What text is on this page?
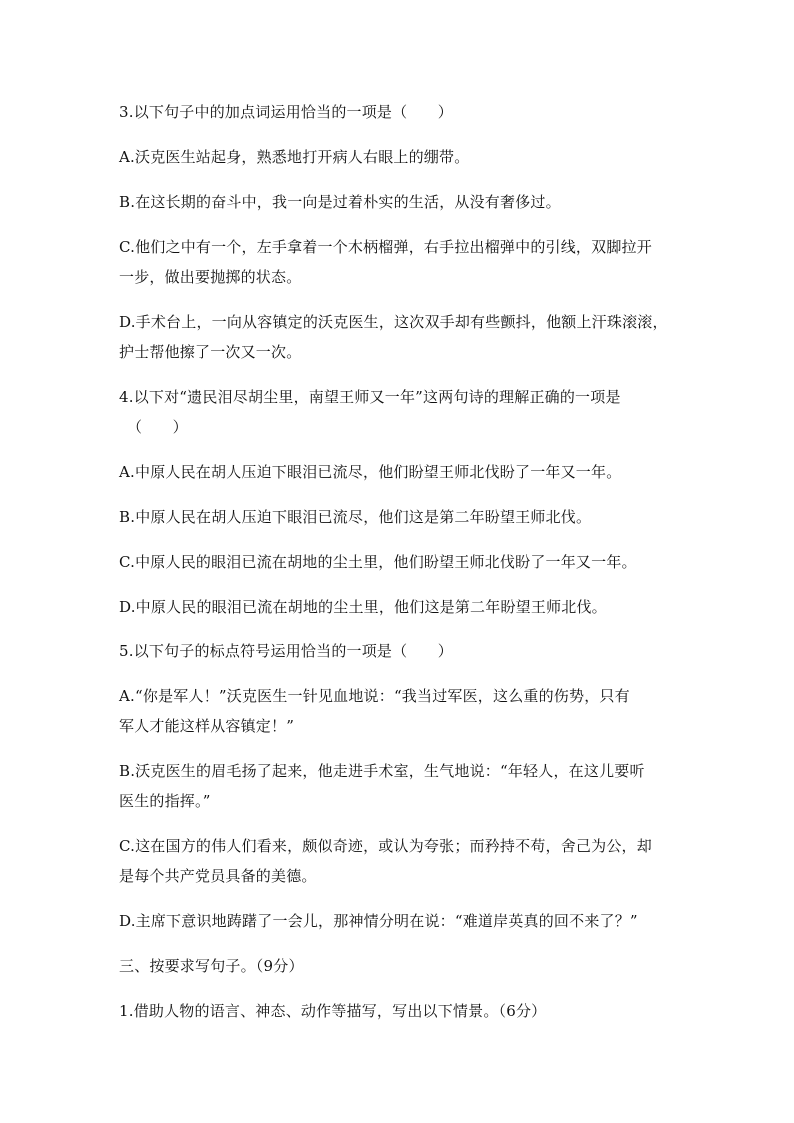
3.以下句子中的加点词运用恰当的一项是（　　）
A.沃克医生站起身，熟悉地打开病人右眼上的绷带。
B.在这长期的奋斗中，我一向是过着朴实的生活，从没有奢侈过。
C.他们之中有一个，左手拿着一个木柄榴弹，右手拉出榴弹中的引线，双脚拉开
一步，做出要抛掷的状态。
D.手术台上，一向从容镇定的沃克医生，这次双手却有些颤抖，他额上汗珠滚滚，
护士帮他擦了一次又一次。
4.以下对“遗民泪尽胡尘里，南望王师又一年”这两句诗的理解正确的一项是
（　　）
A.中原人民在胡人压迫下眼泪已流尽，他们盼望王师北伐盼了一年又一年。
B.中原人民在胡人压迫下眼泪已流尽，他们这是第二年盼望王师北伐。
C.中原人民的眼泪已流在胡地的尘土里，他们盼望王师北伐盼了一年又一年。
D.中原人民的眼泪已流在胡地的尘土里，他们这是第二年盼望王师北伐。
5.以下句子的标点符号运用恰当的一项是（　　）
A.“你是军人！”沃克医生一针见血地说：“我当过军医，这么重的伤势，只有
军人才能这样从容镇定！”
B.沃克医生的眉毛扬了起来，他走进手术室，生气地说：“年轻人，在这儿要听
医生的指挥。”
C.这在国方的伟人们看来，颇似奇迹，或认为夸张；而矜持不苟，舍己为公，却
是每个共产党员具备的美德。
D.主席下意识地踌躇了一会儿，那神情分明在说：“难道岸英真的回不来了？”
三、按要求写句子。（9分）
1.借助人物的语言、神态、动作等描写，写出以下情景。（6分）
